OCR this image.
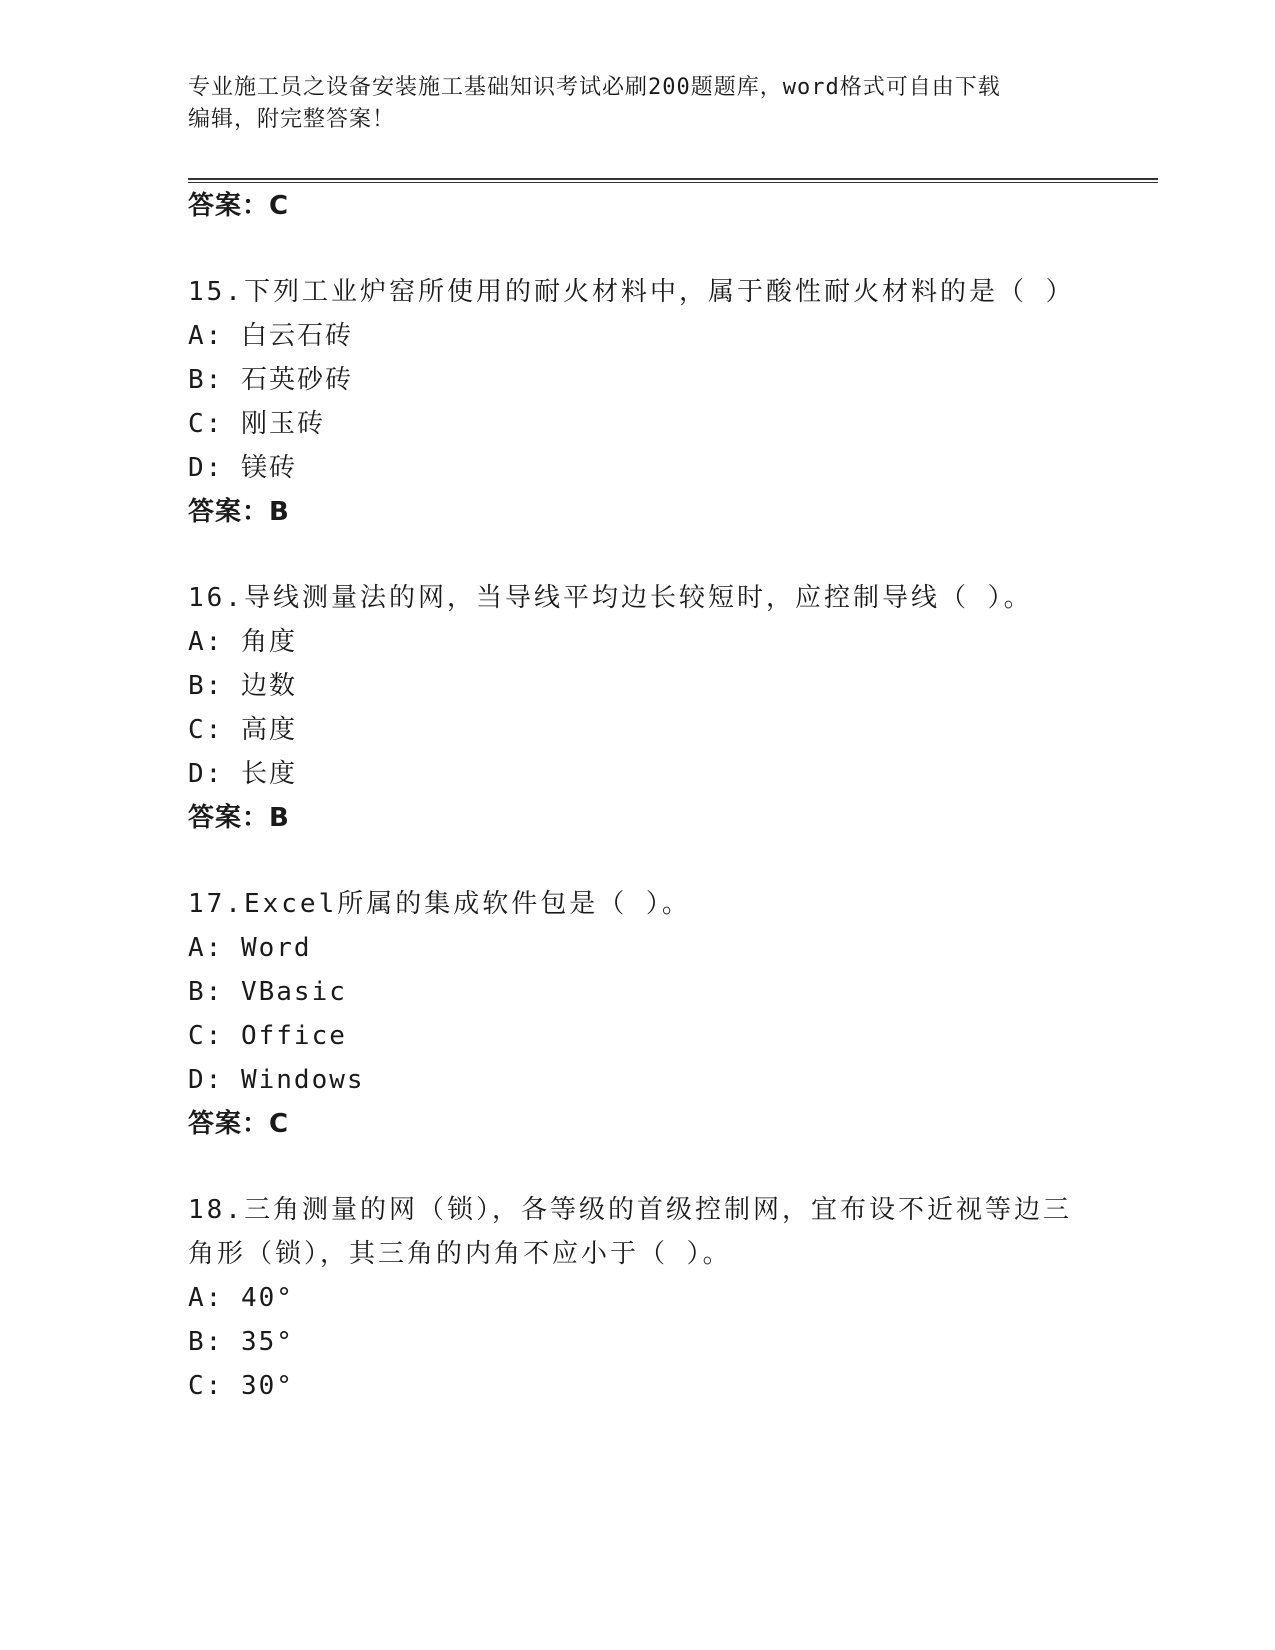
专业施工员之设备安装施工基础知识考试必刷200题题库，word格式可自由下载
编辑，附完整答案！
答案：C
15.下列工业炉窑所使用的耐火材料中，属于酸性耐火材料的是（ ）
A: 白云石砖
B: 石英砂砖
C: 刚玉砖
D: 镁砖
答案：B
16.导线测量法的网，当导线平均边长较短时，应控制导线（ ）。
A: 角度
B: 边数
C: 高度
D: 长度
答案：B
17.Excel所属的集成软件包是（ ）。
A: Word
B: VBasic
C: Office
D: Windows
答案：C
18.三角测量的网（锁），各等级的首级控制网，宜布设不近视等边三
角形（锁），其三角的内角不应小于（ ）。
A: 40°
B: 35°
C: 30°
